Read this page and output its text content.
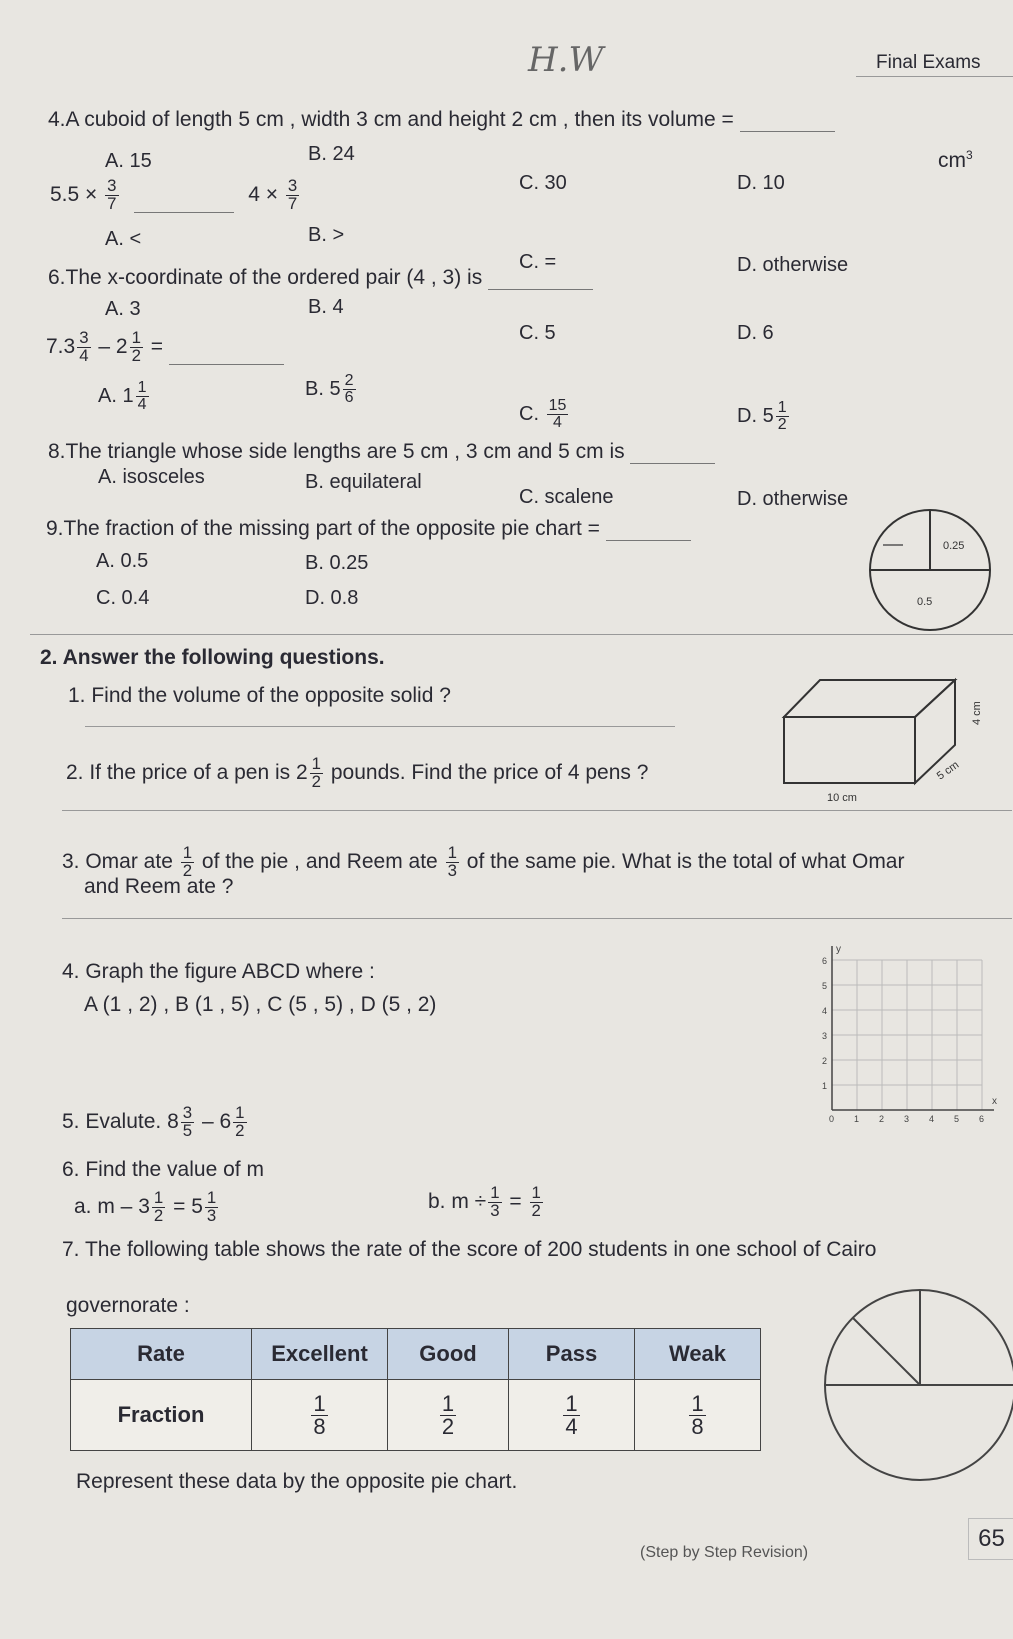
H.W	Final Exams
4.A cuboid of length 5 cm , width 3 cm and height 2 cm , then its volume =
$cm^3$
A. 15	B. 24
C. 30	D. 10
$5.5 \times \frac{3}{7}$	$4 \times \frac{3}{7}$
A. <	B. >
C. =	D. otherwise
6.The x-coordinate of the ordered pair (4 , 3) is
A. 3	B. 4
C. 5	D. 6
$7.3 \frac{3}{4} - 2 \frac{1}{2}$ =
A. $1 \frac{1}{4}$	B. $5 \frac{2}{6}$
C. $\frac{15}{4}$	D. $5 \frac{1}{2}$
8.The triangle whose side lengths are 5 cm , 3 cm and 5 cm is
A. isosceles	B. equilateral
C. scalene	D. otherwise
9.The fraction of the missing part of the opposite pie chart =
A. 0.5	B. 0.25
C. 0.4	D. 0.8
0.25
0.5
2. Answer the following questions.
1. Find the volume of the opposite solid ?
4 cm
5 cm
10 cm
2. If the price of a pen is $2 \frac{1}{2}$ pounds. Find the price of 4 pens ?
3. Omar ate $\frac{1}{2}$ of the pie , and Reem ate $\frac{1}{3}$ of the same pie. What is the total of what Omar
and Reem ate ?
4. Graph the figure ABCD where :
A (1 , 2) , B (1 , 5) , C (5 , 5) , D (5 , 2)
1
2
3
4
5
6
0 1 2 3 4 5 6
x
y
5. Evalute. $8 \frac{3}{5} - 6 \frac{1}{2}$
6. Find the value of m
a. $m - 3 \frac{1}{2} = 5 \frac{1}{3}$	b. $m \div \frac{1}{3} = \frac{1}{2}$
7. The following table shows the rate of the score of 200 students in one school of Cairo
governorate :
Rate	Excellent	Good	Pass	Weak
Fraction	$\frac{1}{8}$	$\frac{1}{2}$	$\frac{1}{4}$	$\frac{1}{8}$
Represent these data by the opposite pie chart.
(Step by Step Revision)
65
